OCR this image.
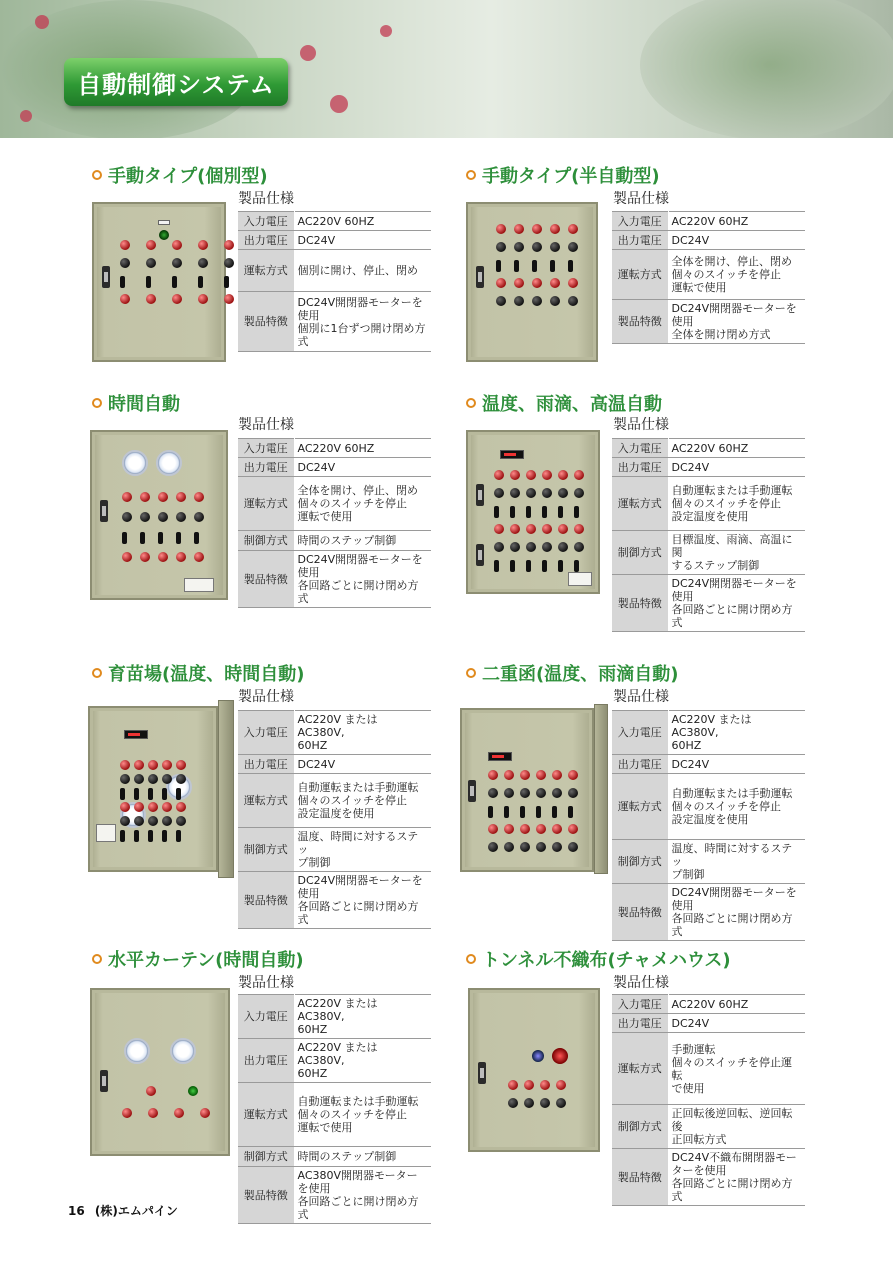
自動制御システム
手動タイプ(個別型)
製品仕様
入力電圧	AC220V 60HZ

出力電圧	DC24V

運転方式	個別に開け、停止、閉め

製品特徴	DC24V開閉器モーターを使用
個別に1台ずつ開け閉め方式
手動タイプ(半自動型)
製品仕様
入力電圧	AC220V 60HZ

出力電圧	DC24V

運転方式	全体を開け、停止、閉め
個々のスイッチを停止
運転で使用

製品特徴	DC24V開閉器モーターを使用
全体を開け閉め方式
時間自動
製品仕様
入力電圧	AC220V 60HZ

出力電圧	DC24V

運転方式	全体を開け、停止、閉め
個々のスイッチを停止
運転で使用

制御方式	時間のステップ制御

製品特徴	DC24V開閉器モーターを使用
各回路ごとに開け閉め方式
温度、雨滴、高温自動
製品仕様
入力電圧	AC220V 60HZ

出力電圧	DC24V

運転方式	自動運転または手動運転
個々のスイッチを停止
設定温度を使用

制御方式	目標温度、雨滴、高温に関
するステップ制御

製品特徴	DC24V開閉器モーターを使用
各回路ごとに開け閉め方式
育苗場(温度、時間自動)
製品仕様
入力電圧	AC220V または AC380V,
60HZ

出力電圧	DC24V

運転方式	自動運転または手動運転
個々のスイッチを停止
設定温度を使用

制御方式	温度、時間に対するステッ
プ制御

製品特徴	DC24V開閉器モーターを使用
各回路ごとに開け閉め方式
二重函(温度、雨滴自動)
製品仕様
入力電圧	AC220V または AC380V,
60HZ

出力電圧	DC24V

運転方式	自動運転または手動運転
個々のスイッチを停止
設定温度を使用

制御方式	温度、時間に対するステッ
プ制御

製品特徴	DC24V開閉器モーターを使用
各回路ごとに開け閉め方式
水平カーテン(時間自動)
製品仕様
入力電圧	AC220V または AC380V,
60HZ

出力電圧	AC220V または AC380V,
60HZ

運転方式	自動運転または手動運転
個々のスイッチを停止
運転で使用

制御方式	時間のステップ制御

製品特徴	AC380V開閉器モーターを使用
各回路ごとに開け閉め方式
トンネル不織布(チャメハウス)
製品仕様
入力電圧	AC220V 60HZ

出力電圧	DC24V

運転方式	手動運転
個々のスイッチを停止運転
で使用

制御方式	正回転後逆回転、逆回転後
正回転方式

製品特徴	DC24V不織布開閉器モー
ターを使用
各回路ごとに開け閉め方式
16 (株)エムパイン
